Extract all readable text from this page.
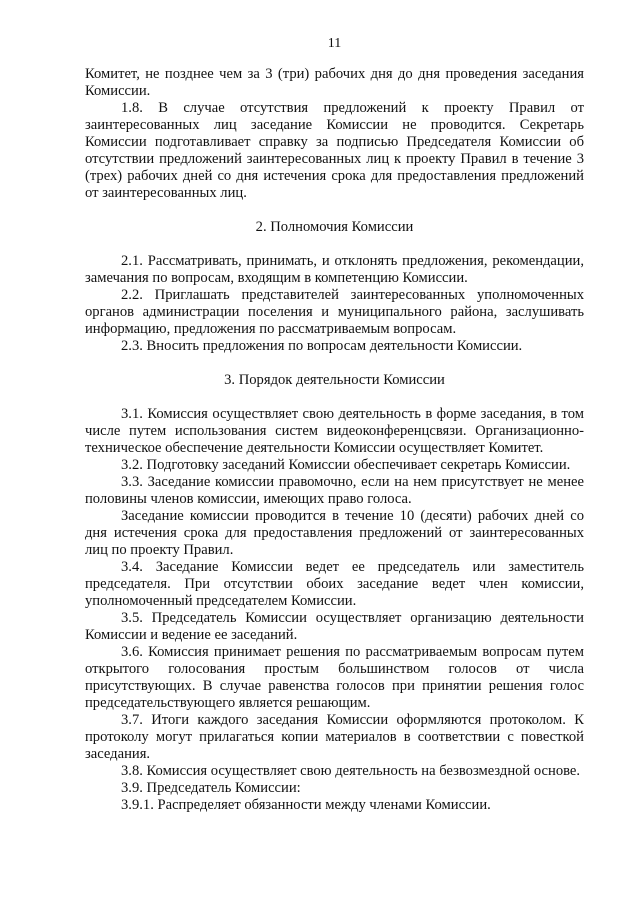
11

Комитет, не позднее чем за 3 (три) рабочих дня до дня проведения заседания Комиссии.

1.8. В случае отсутствия предложений к проекту Правил от заинтересованных лиц заседание Комиссии не проводится. Секретарь Комиссии подготавливает справку за подписью Председателя Комиссии об отсутствии предложений заинтересованных лиц к проекту Правил в течение 3 (трех) рабочих дней со дня истечения срока для предоставления предложений от заинтересованных лиц.

2. Полномочия Комиссии

2.1. Рассматривать, принимать, и отклонять предложения, рекомендации, замечания по вопросам, входящим в компетенцию Комиссии.

2.2. Приглашать представителей заинтересованных уполномоченных органов администрации поселения и муниципального района, заслушивать информацию, предложения по рассматриваемым вопросам.

2.3. Вносить предложения по вопросам деятельности Комиссии.

3. Порядок деятельности Комиссии

3.1. Комиссия осуществляет свою деятельность в форме заседания, в том числе путем использования систем видеоконференцсвязи. Организационно-техническое обеспечение деятельности Комиссии осуществляет Комитет.

3.2. Подготовку заседаний Комиссии обеспечивает секретарь Комиссии.

3.3. Заседание комиссии правомочно, если на нем присутствует не менее половины членов комиссии, имеющих право голоса.

Заседание комиссии проводится в течение 10 (десяти) рабочих дней со дня истечения срока для предоставления предложений от заинтересованных лиц по проекту Правил.

3.4. Заседание Комиссии ведет ее председатель или заместитель председателя. При отсутствии обоих заседание ведет член комиссии, уполномоченный председателем Комиссии.

3.5. Председатель Комиссии осуществляет организацию деятельности Комиссии и ведение ее заседаний.

3.6. Комиссия принимает решения по рассматриваемым вопросам путем открытого голосования простым большинством голосов от числа присутствующих. В случае равенства голосов при принятии решения голос председательствующего является решающим.

3.7. Итоги каждого заседания Комиссии оформляются протоколом. К протоколу могут прилагаться копии материалов в соответствии с повесткой заседания.

3.8. Комиссия осуществляет свою деятельность на безвозмездной основе.

3.9. Председатель Комиссии:

3.9.1. Распределяет обязанности между членами Комиссии.
